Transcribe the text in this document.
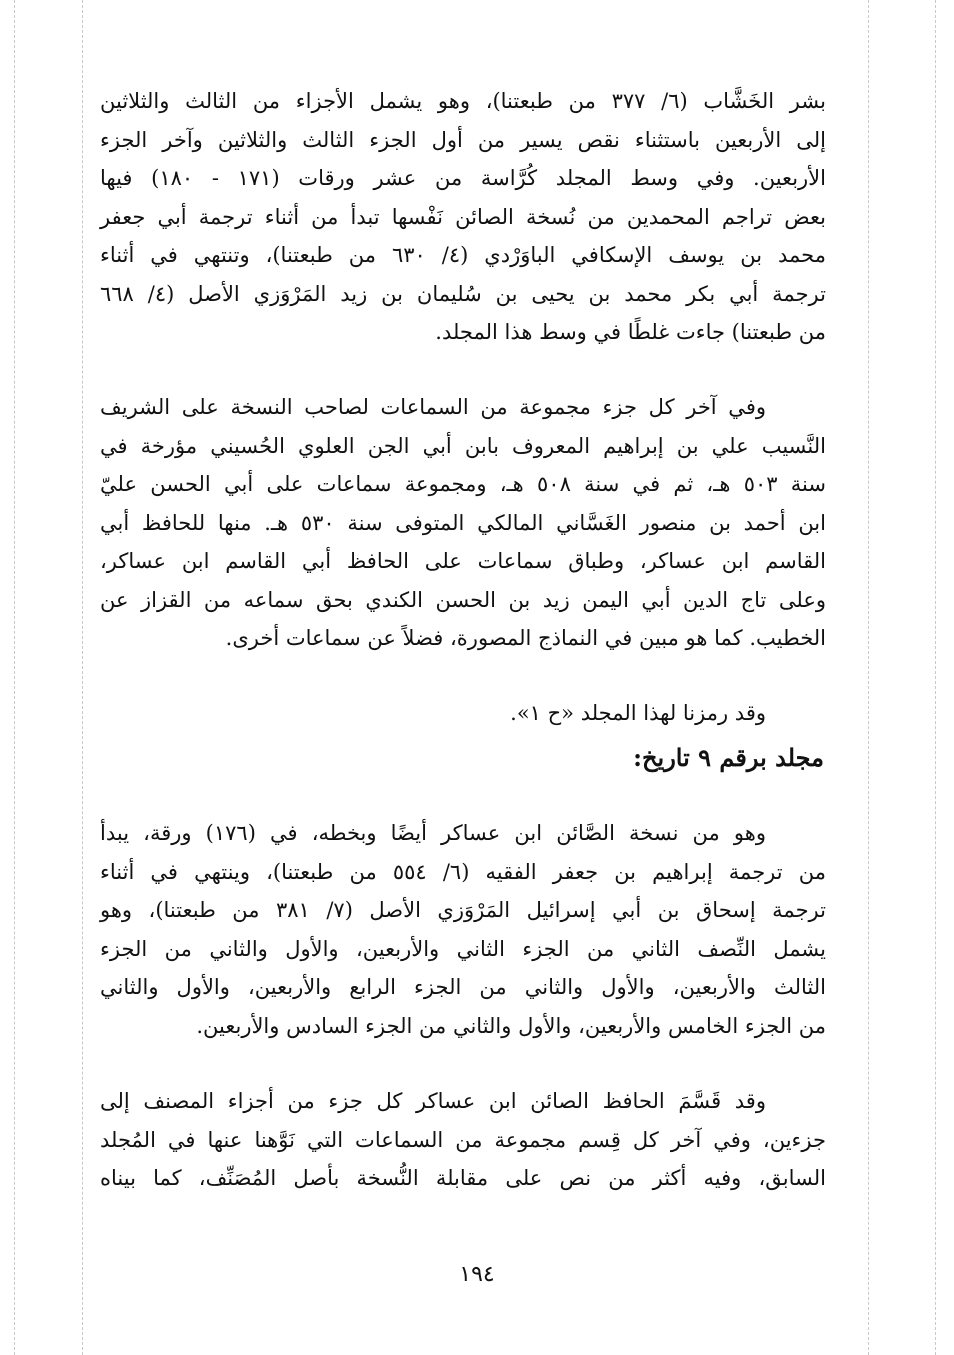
بشر الخَشَّاب (٦/ ٣٧٧ من طبعتنا)، وهو يشمل الأجزاء من الثالث والثلاثين
إلى الأربعين باستثناء نقص يسير من أول الجزء الثالث والثلاثين وآخر الجزء
الأربعين. وفي وسط المجلد كُرَّاسة من عشر ورقات (١٧١ - ١٨٠) فيها
بعض تراجم المحمدين من نُسخة الصائن نَفْسها تبدأ من أثناء ترجمة أبي جعفر
محمد بن يوسف الإسكافي الباوَرْدي (٤/ ٦٣٠ من طبعتنا)، وتنتهي في أثناء
ترجمة أبي بكر محمد بن يحيى بن سُليمان بن زيد المَرْوَزي الأصل (٤/ ٦٦٨
من طبعتنا) جاءت غلطًا في وسط هذا المجلد.

وفي آخر كل جزء مجموعة من السماعات لصاحب النسخة على الشريف
النَّسيب علي بن إبراهيم المعروف بابن أبي الجن العلوي الحُسيني مؤرخة في
سنة ٥٠٣ هـ، ثم في سنة ٥٠٨ هـ، ومجموعة سماعات على أبي الحسن عليّ
ابن أحمد بن منصور الغَسَّاني المالكي المتوفى سنة ٥٣٠ هـ. منها للحافظ أبي
القاسم ابن عساكر، وطباق سماعات على الحافظ أبي القاسم ابن عساكر،
وعلى تاج الدين أبي اليمن زيد بن الحسن الكندي بحق سماعه من القزاز عن
الخطيب. كما هو مبين في النماذج المصورة، فضلاً عن سماعات أخرى.

وقد رمزنا لهذا المجلد «ح ١».

مجلد برقم ٩ تاريخ:

وهو من نسخة الصَّائن ابن عساكر أيضًا وبخطه، في (١٧٦) ورقة، يبدأ
من ترجمة إبراهيم بن جعفر الفقيه (٦/ ٥٥٤ من طبعتنا)، وينتهي في أثناء
ترجمة إسحاق بن أبي إسرائيل المَرْوَزي الأصل (٧/ ٣٨١ من طبعتنا)، وهو
يشمل النِّصف الثاني من الجزء الثاني والأربعين، والأول والثاني من الجزء
الثالث والأربعين، والأول والثاني من الجزء الرابع والأربعين، والأول والثاني
من الجزء الخامس والأربعين، والأول والثاني من الجزء السادس والأربعين.

وقد قَسَّمَ الحافظ الصائن ابن عساكر كل جزء من أجزاء المصنف إلى
جزءين، وفي آخر كل قِسم مجموعة من السماعات التي نَوَّهنا عنها في المُجلد
السابق، وفيه أكثر من نص على مقابلة النُّسخة بأصل المُصَنِّف، كما بيناه

١٩٤
